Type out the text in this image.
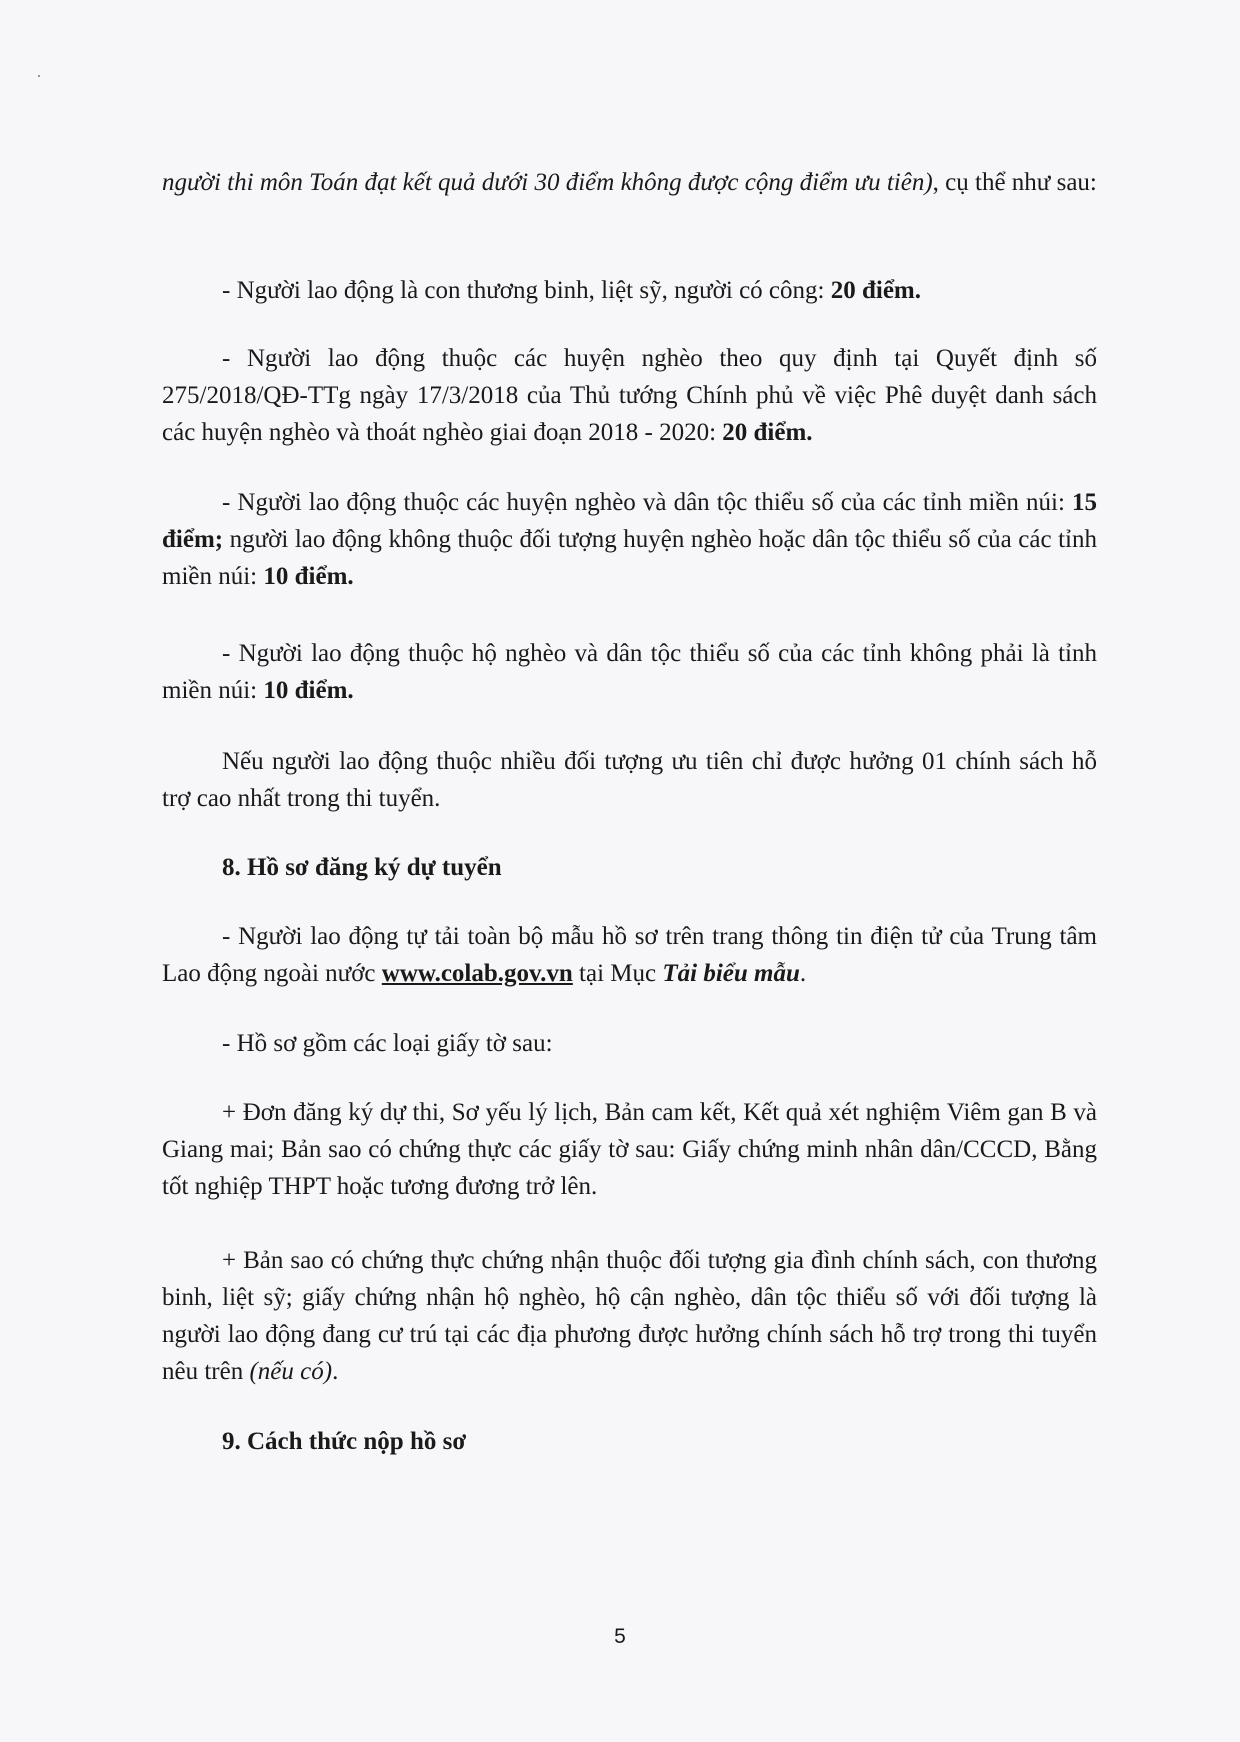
người thi môn Toán đạt kết quả dưới 30 điểm không được cộng điểm ưu tiên), cụ thể như sau:

- Người lao động là con thương binh, liệt sỹ, người có công: 20 điểm.

- Người lao động thuộc các huyện nghèo theo quy định tại Quyết định số 275/2018/QĐ-TTg ngày 17/3/2018 của Thủ tướng Chính phủ về việc Phê duyệt danh sách các huyện nghèo và thoát nghèo giai đoạn 2018 - 2020: 20 điểm.

- Người lao động thuộc các huyện nghèo và dân tộc thiểu số của các tỉnh miền núi: 15 điểm; người lao động không thuộc đối tượng huyện nghèo hoặc dân tộc thiểu số của các tỉnh miền núi: 10 điểm.

- Người lao động thuộc hộ nghèo và dân tộc thiểu số của các tỉnh không phải là tỉnh miền núi: 10 điểm.

Nếu người lao động thuộc nhiều đối tượng ưu tiên chỉ được hưởng 01 chính sách hỗ trợ cao nhất trong thi tuyển.

8. Hồ sơ đăng ký dự tuyển

- Người lao động tự tải toàn bộ mẫu hồ sơ trên trang thông tin điện tử của Trung tâm Lao động ngoài nước www.colab.gov.vn tại Mục Tải biểu mẫu.

- Hồ sơ gồm các loại giấy tờ sau:

+ Đơn đăng ký dự thi, Sơ yếu lý lịch, Bản cam kết, Kết quả xét nghiệm Viêm gan B và Giang mai; Bản sao có chứng thực các giấy tờ sau: Giấy chứng minh nhân dân/CCCD, Bằng tốt nghiệp THPT hoặc tương đương trở lên.

+ Bản sao có chứng thực chứng nhận thuộc đối tượng gia đình chính sách, con thương binh, liệt sỹ; giấy chứng nhận hộ nghèo, hộ cận nghèo, dân tộc thiểu số với đối tượng là người lao động đang cư trú tại các địa phương được hưởng chính sách hỗ trợ trong thi tuyển nêu trên (nếu có).

9. Cách thức nộp hồ sơ

5
